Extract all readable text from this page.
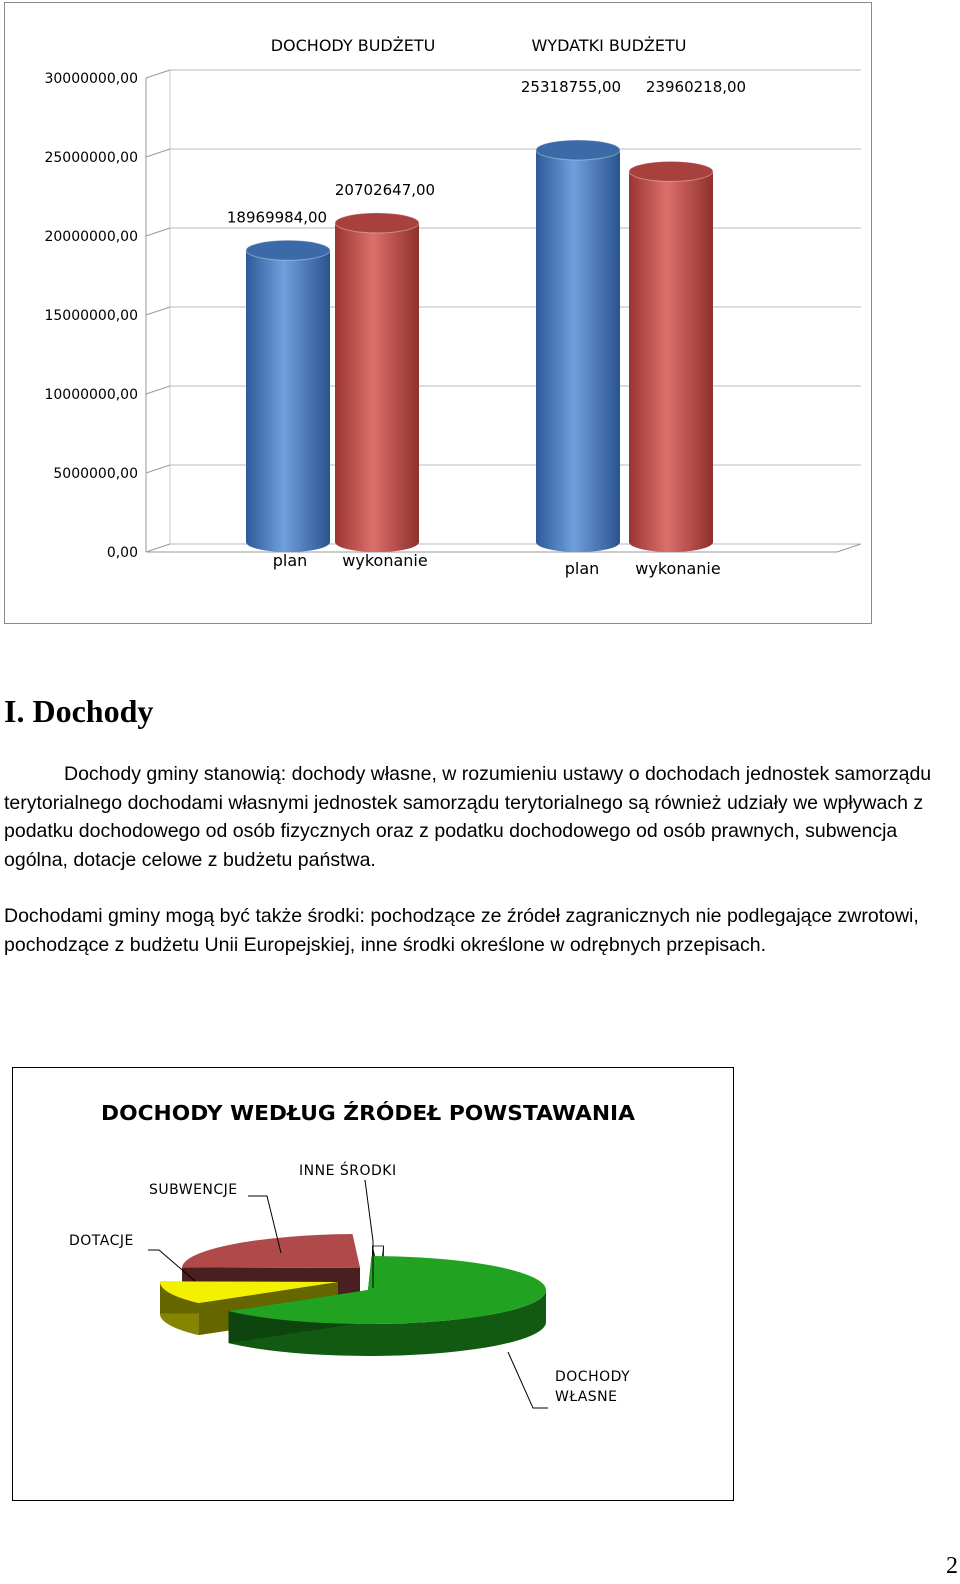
0,00
5000000,00
10000000,00
15000000,00
20000000,00
25000000,00
30000000,00
DOCHODY BUDŻETU
18969984,00
plan
20702647,00
wykonanie
WYDATKI BUDŻETU
25318755,00
plan
23960218,00
wykonanie
I. Dochody

Dochody gminy stanowią: dochody własne, w rozumieniu ustawy o dochodach jednostek samorządu terytorialnego dochodami własnymi jednostek samorządu terytorialnego są również udziały we wpływach z podatku dochodowego od osób fizycznych oraz z podatku dochodowego od osób prawnych, subwencja ogólna, dotacje celowe z budżetu państwa.

Dochodami gminy mogą być także środki: pochodzące ze źródeł zagranicznych nie podlegające zwrotowi, pochodzące z budżetu Unii Europejskiej, inne środki określone w odrębnych przepisach.

DOCHODY WEDŁUG ŹRÓDEŁ POWSTAWANIA
DOCHODY
WŁASNE
DOTACJE
SUBWENCJE
INNE ŚRODKI
2
